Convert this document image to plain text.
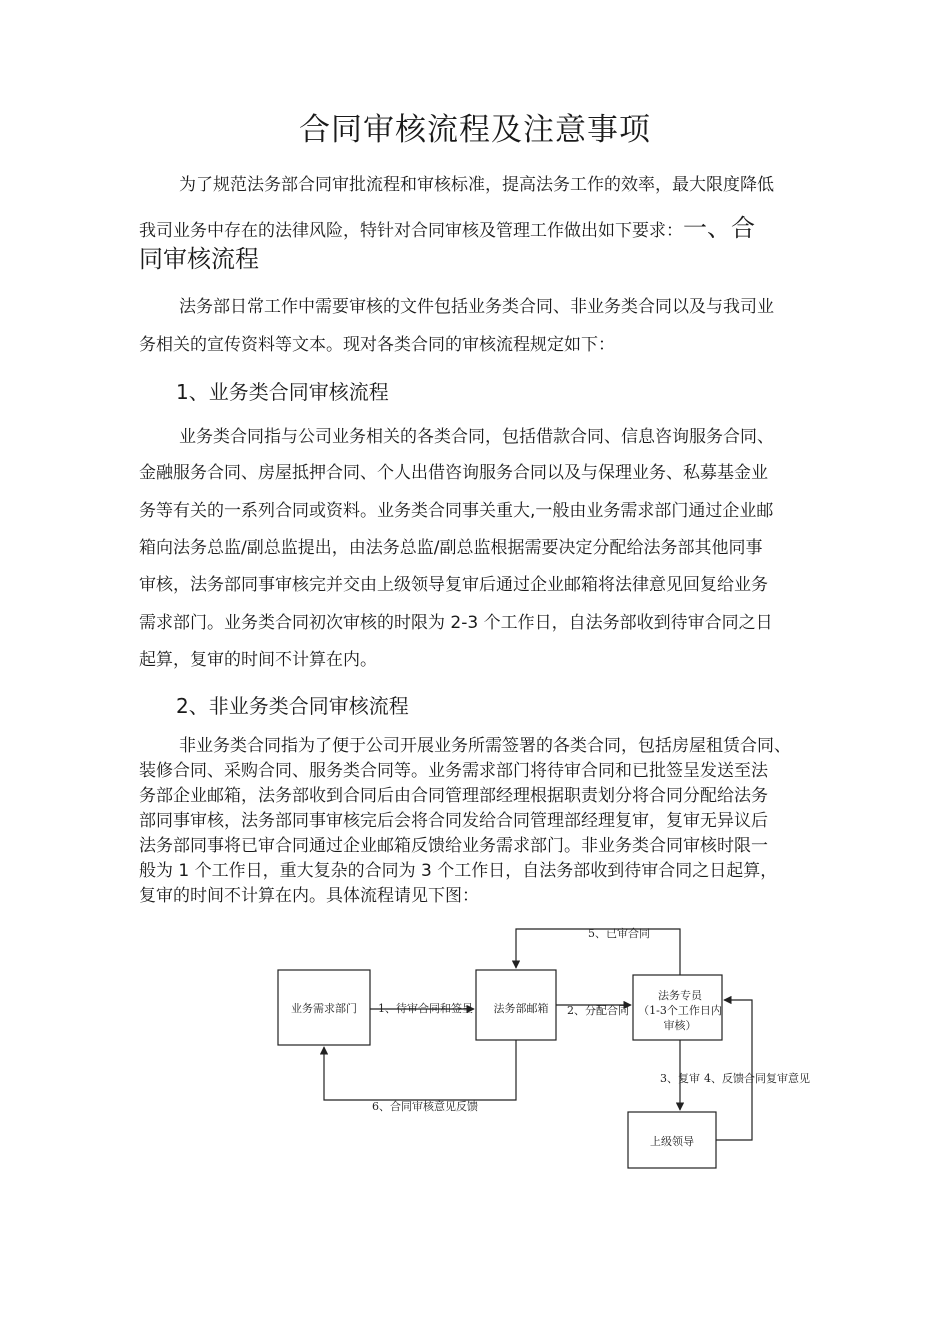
合同审核流程及注意事项
为了规范法务部合同审批流程和审核标准，提高法务工作的效率，最大限度降低
我司业务中存在的法律风险，特针对合同审核及管理工作做出如下要求：一、合
同审核流程
法务部日常工作中需要审核的文件包括业务类合同、非业务类合同以及与我司业
务相关的宣传资料等文本。现对各类合同的审核流程规定如下：
1、业务类合同审核流程
业务类合同指与公司业务相关的各类合同，包括借款合同、信息咨询服务合同、
金融服务合同、房屋抵押合同、个人出借咨询服务合同以及与保理业务、私募基金业
务等有关的一系列合同或资料。业务类合同事关重大,一般由业务需求部门通过企业邮
箱向法务总监/副总监提出，由法务总监/副总监根据需要决定分配给法务部其他同事
审核，法务部同事审核完并交由上级领导复审后通过企业邮箱将法律意见回复给业务
需求部门。业务类合同初次审核的时限为 2-3 个工作日，自法务部收到待审合同之日
起算，复审的时间不计算在内。
2、非业务类合同审核流程
非业务类合同指为了便于公司开展业务所需签署的各类合同，包括房屋租赁合同、
装修合同、采购合同、服务类合同等。业务需求部门将待审合同和已批签呈发送至法
务部企业邮箱，法务部收到合同后由合同管理部经理根据职责划分将合同分配给法务
部同事审核，法务部同事审核完后会将合同发给合同管理部经理复审，复审无异议后
法务部同事将已审合同通过企业邮箱反馈给业务需求部门。非业务类合同审核时限一
般为 1 个工作日，重大复杂的合同为 3 个工作日，自法务部收到待审合同之日起算，
复审的时间不计算在内。具体流程请见下图：
业务需求部门	法务部邮箱
法务专员
（1-3个工作日内
审核）
上级领导
1、待审合同和签呈	2、分配合同
3、复审 4、反馈合同复审意见
5、已审合同
6、合同审核意见反馈
